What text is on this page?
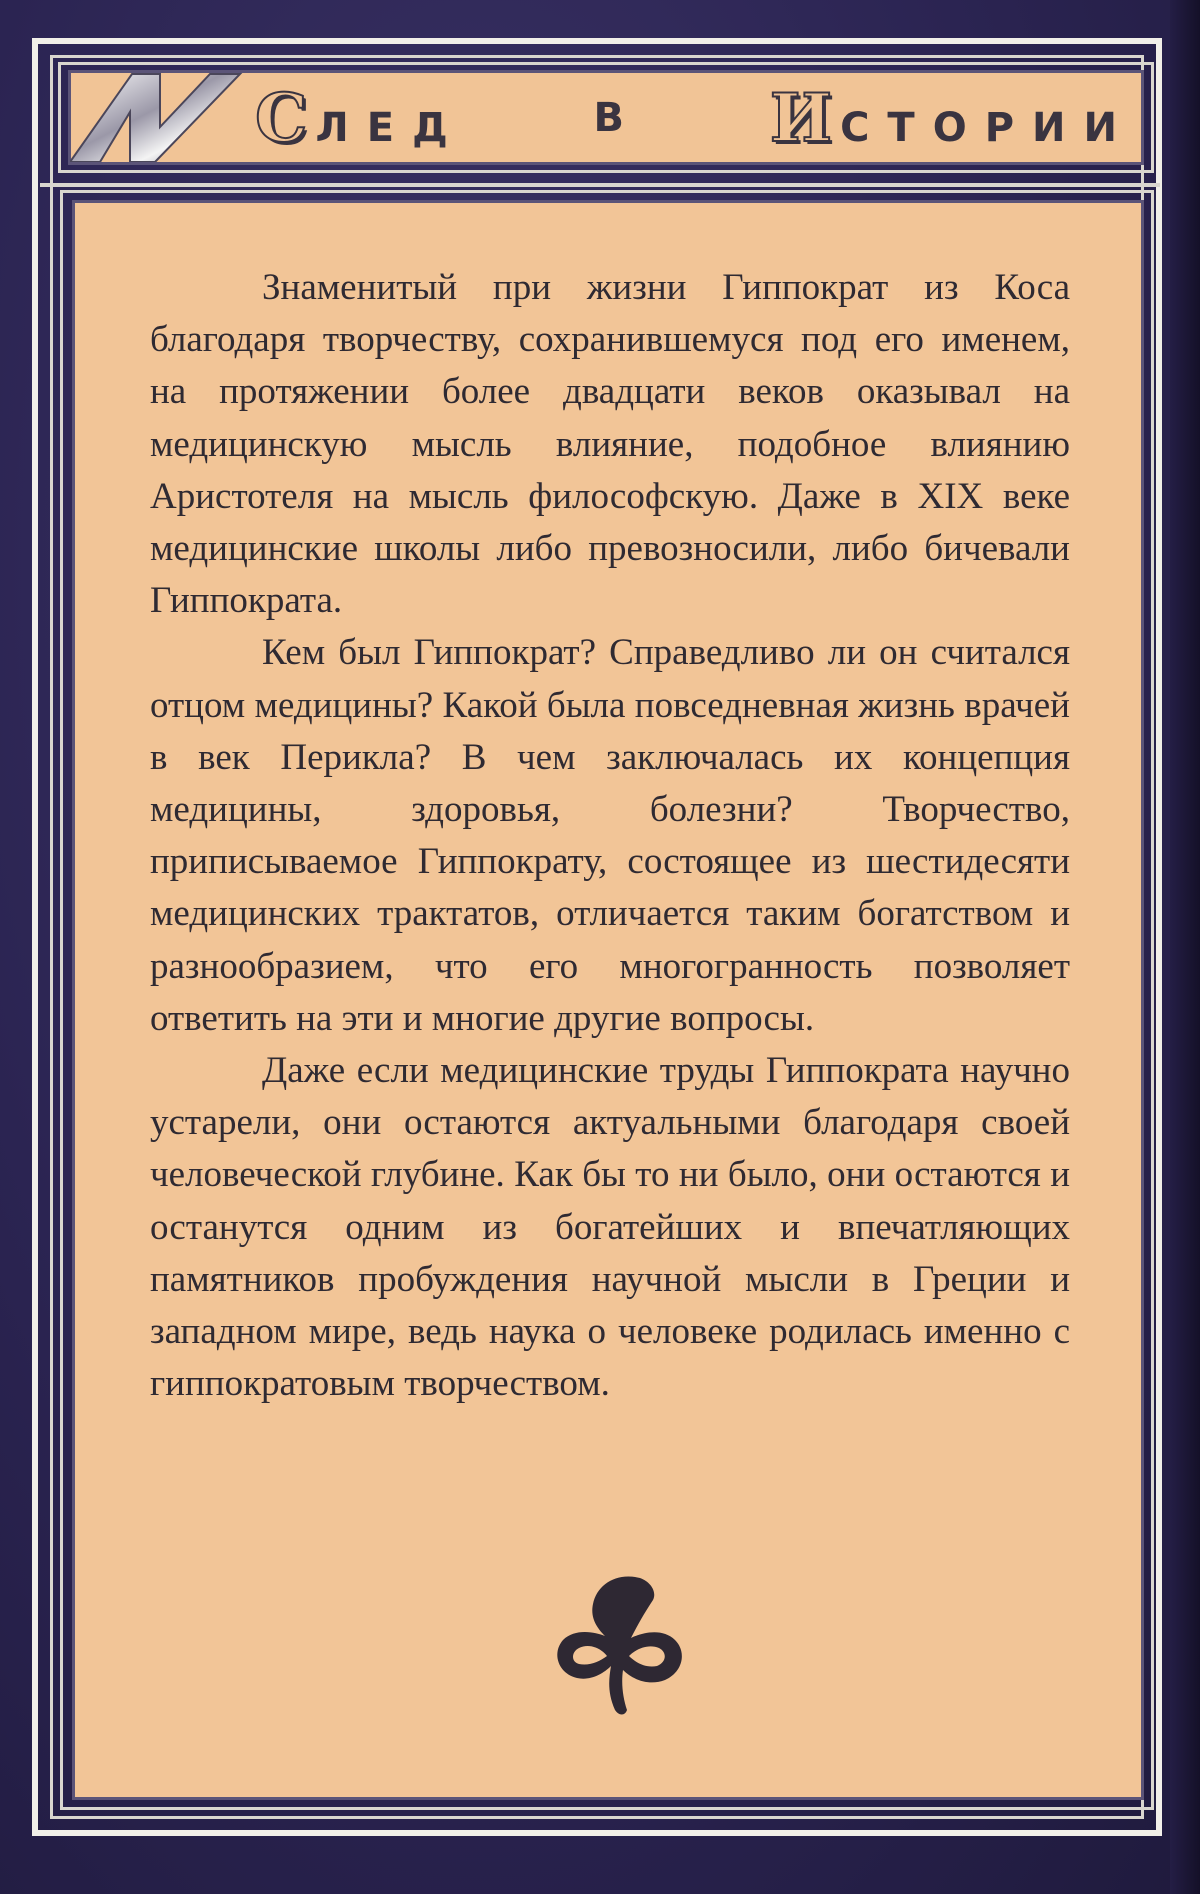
С ЛЕД	В И СТОРИИ

Знаменитый при жизни Гиппократ из Коса благодаря творчеству, сохранившемуся под его именем, на протяжении более двадцати веков оказывал на медицинскую мысль влияние, подобное влиянию Аристотеля на мысль философскую. Даже в XIX веке медицинские школы либо превозносили, либо бичевали Гиппократа.

Кем был Гиппократ? Справедливо ли он считался отцом медицины? Какой была повседневная жизнь врачей в век Перикла? В чем заключалась их концепция медицины, здоровья, болезни? Творчество, приписываемое Гиппократу, состоящее из шестидесяти медицинских трактатов, отличается таким богатством и разнообразием, что его многогранность позволяет ответить на эти и многие другие вопросы.

Даже если медицинские труды Гиппократа научно устарели, они остаются актуальными благодаря своей человеческой глубине. Как бы то ни было, они остаются и останутся одним из богатейших и впечатляющих памятников пробуждения научной мысли в Греции и западном мире, ведь наука о человеке родилась именно с гиппократовым творчеством.
